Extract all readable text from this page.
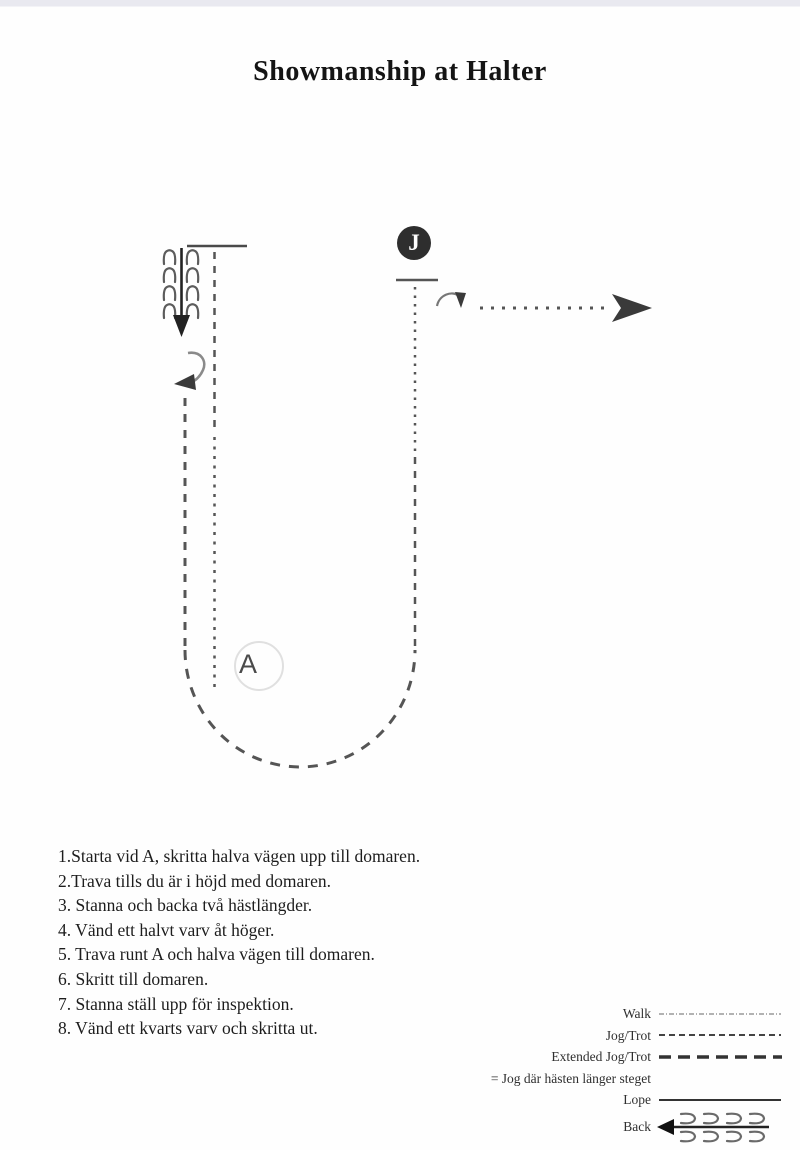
Showmanship at Halter
J
A
1.Starta vid A, skritta halva vägen upp till domaren.
2.Trava tills du är i höjd med domaren.
3. Stanna och backa två hästlängder.
4. Vänd ett halvt varv åt höger.
5. Trava runt A och halva vägen till domaren.
6. Skritt till domaren.
7. Stanna ställ upp för inspektion.
8. Vänd ett kvarts varv och skritta ut.
Walk
Jog/Trot
Extended Jog/Trot
= Jog där hästen länger steget
Lope
Back
